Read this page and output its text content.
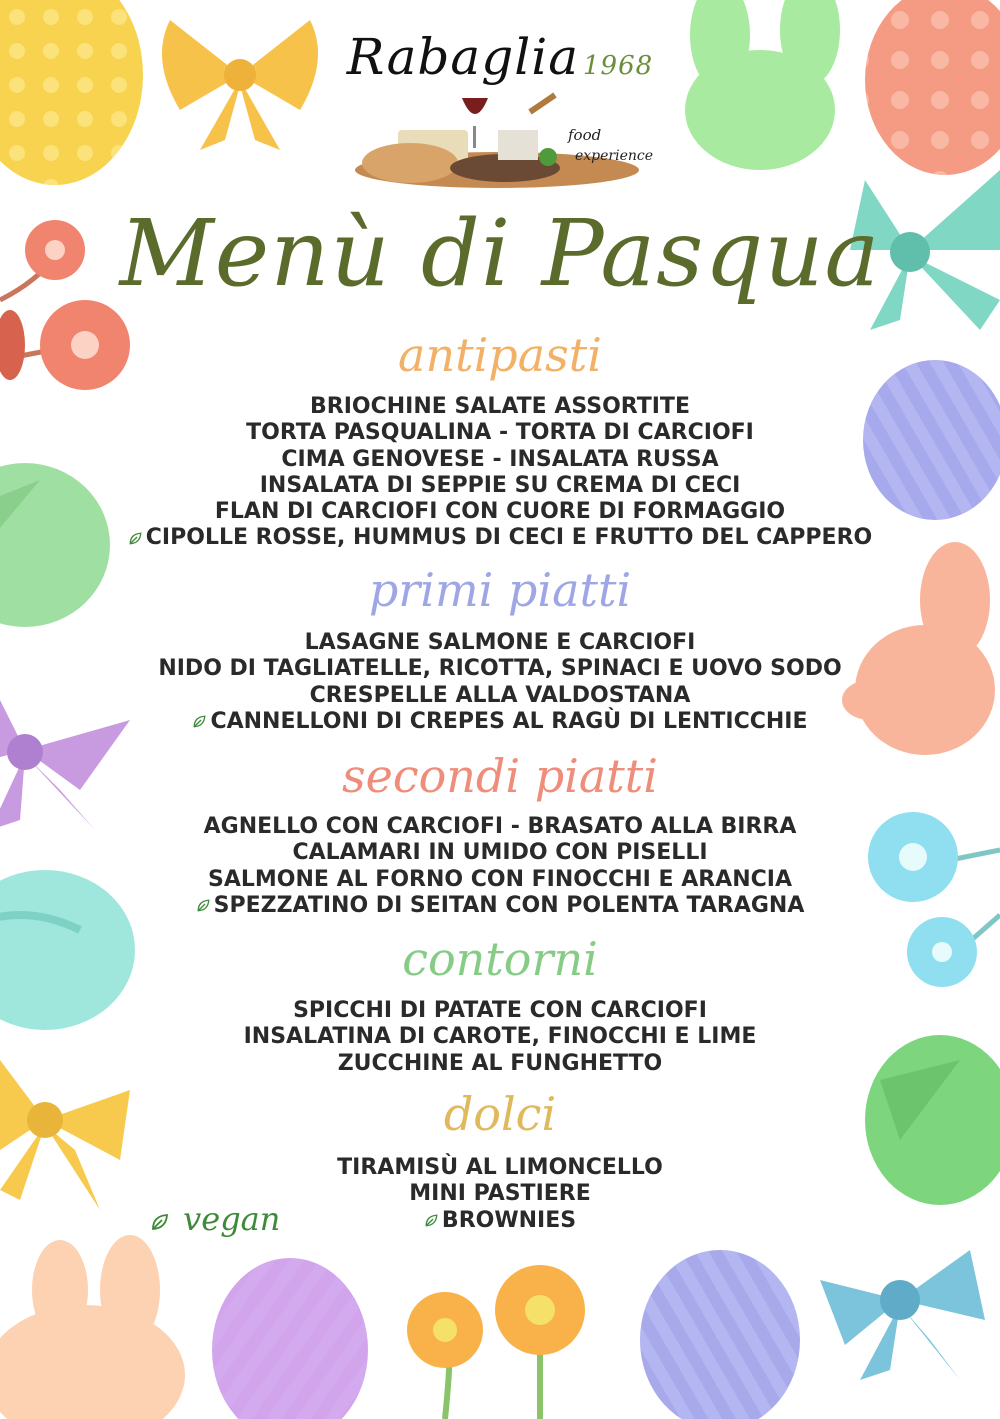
food
experience
Rabaglia 1968
Menù di Pasqua
antipasti
BRIOCHINE SALATE ASSORTITE
TORTA PASQUALINA - TORTA DI CARCIOFI
CIMA GENOVESE - INSALATA RUSSA
INSALATA DI SEPPIE SU CREMA DI CECI
FLAN DI CARCIOFI CON CUORE DI FORMAGGIO
CIPOLLE ROSSE, HUMMUS DI CECI E FRUTTO DEL CAPPERO
primi piatti
LASAGNE SALMONE E CARCIOFI
NIDO DI TAGLIATELLE, RICOTTA, SPINACI E UOVO SODO
CRESPELLE ALLA VALDOSTANA
CANNELLONI DI CREPES AL RAGÙ DI LENTICCHIE
secondi piatti
AGNELLO CON CARCIOFI - BRASATO ALLA BIRRA
CALAMARI IN UMIDO CON PISELLI
SALMONE AL FORNO CON FINOCCHI E ARANCIA
SPEZZATINO DI SEITAN CON POLENTA TARAGNA
contorni
SPICCHI DI PATATE CON CARCIOFI
INSALATINA DI CAROTE, FINOCCHI E LIME
ZUCCHINE AL FUNGHETTO
dolci
TIRAMISÙ AL LIMONCELLO
MINI PASTIERE
BROWNIES
vegan
